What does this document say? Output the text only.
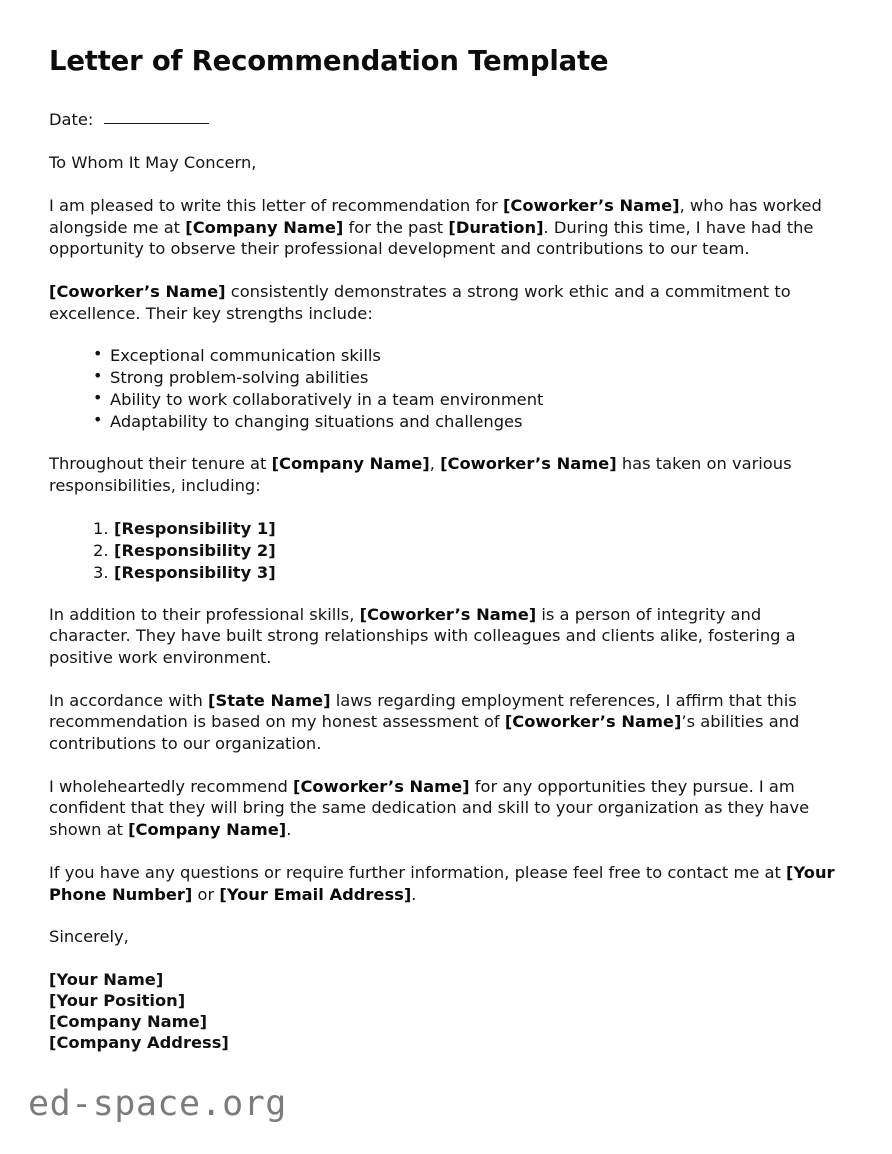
Letter of Recommendation Template
Date:

To Whom It May Concern,

I am pleased to write this letter of recommendation for [Coworker’s Name], who has worked alongside me at [Company Name] for the past [Duration]. During this time, I have had the opportunity to observe their professional development and contributions to our team.

[Coworker’s Name] consistently demonstrates a strong work ethic and a commitment to excellence. Their key strengths include:

• Exceptional communication skills
• Strong problem-solving abilities
• Ability to work collaboratively in a team environment
• Adaptability to changing situations and challenges

Throughout their tenure at [Company Name], [Coworker’s Name] has taken on various responsibilities, including:

[Responsibility 1]
[Responsibility 2]
[Responsibility 3]

In addition to their professional skills, [Coworker’s Name] is a person of integrity and character. They have built strong relationships with colleagues and clients alike, fostering a positive work environment.

In accordance with [State Name] laws regarding employment references, I affirm that this recommendation is based on my honest assessment of [Coworker’s Name]’s abilities and contributions to our organization.

I wholeheartedly recommend [Coworker’s Name] for any opportunities they pursue. I am confident that they will bring the same dedication and skill to your organization as they have shown at [Company Name].

If you have any questions or require further information, please feel free to contact me at [Your Phone Number] or [Your Email Address].

Sincerely,

[Your Name]
[Your Position]
[Company Name]
[Company Address]
ed-space.org
